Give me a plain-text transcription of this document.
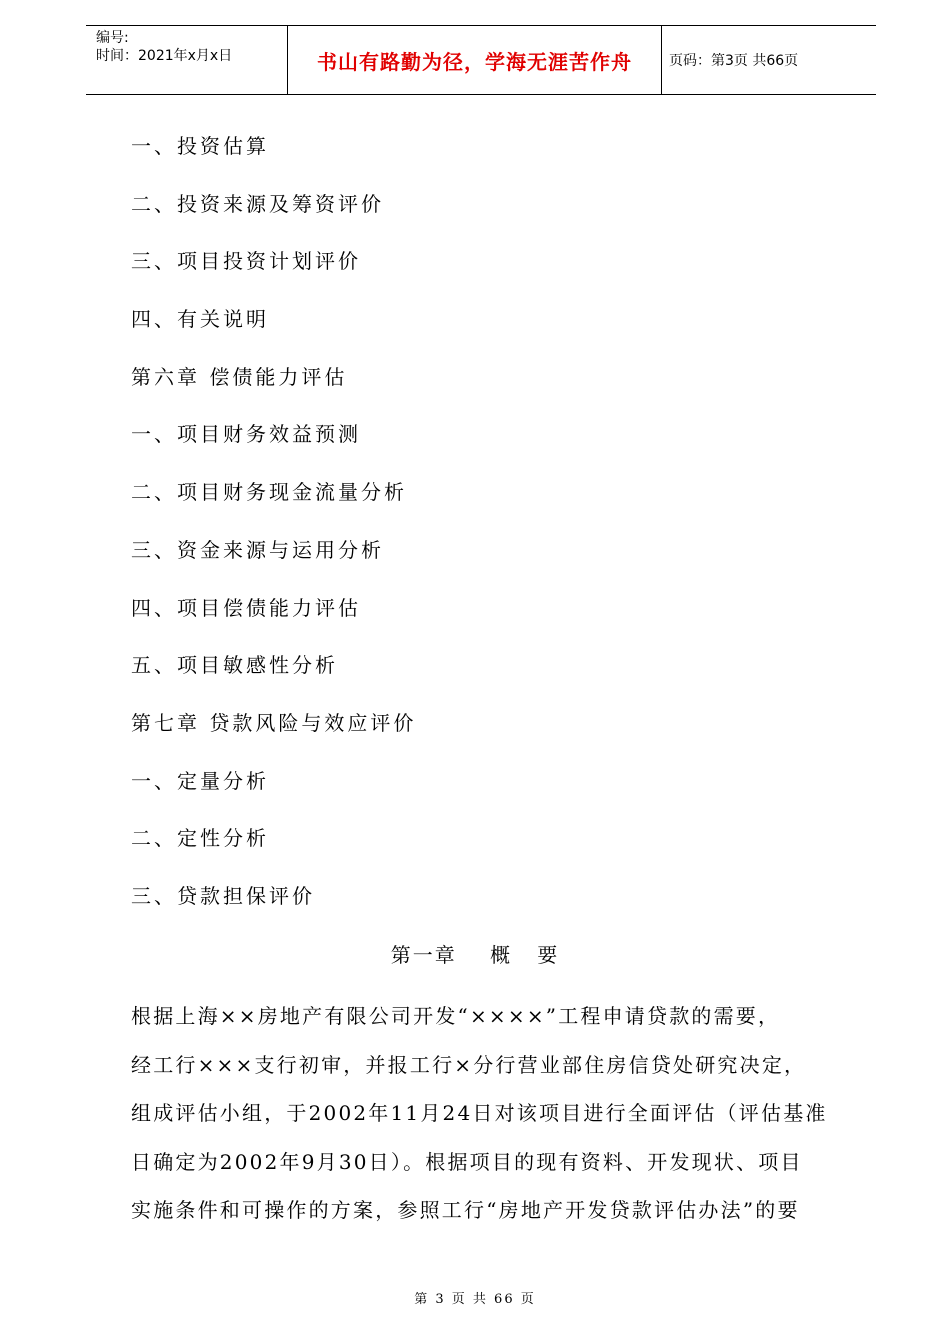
编号:
时间：2021年x月x日	书山有路勤为径，学海无涯苦作舟	页码：第3页 共66页
一、投资估算
二、投资来源及筹资评价
三、项目投资计划评价
四、有关说明
第六章 偿债能力评估
一、项目财务效益预测
二、项目财务现金流量分析
三、资金来源与运用分析
四、项目偿债能力评估
五、项目敏感性分析
第七章 贷款风险与效应评价
一、定量分析
二、定性分析
三、贷款担保评价
第一章    概   要

根据上海××房地产有限公司开发“××××”工程申请贷款的需要，
经工行×××支行初审，并报工行×分行营业部住房信贷处研究决定，
组成评估小组，于2002年11月24日对该项目进行全面评估（评估基准
日确定为2002年9月30日）。根据项目的现有资料、开发现状、项目
实施条件和可操作的方案，参照工行“房地产开发贷款评估办法”的要

第 3 页 共 66 页
